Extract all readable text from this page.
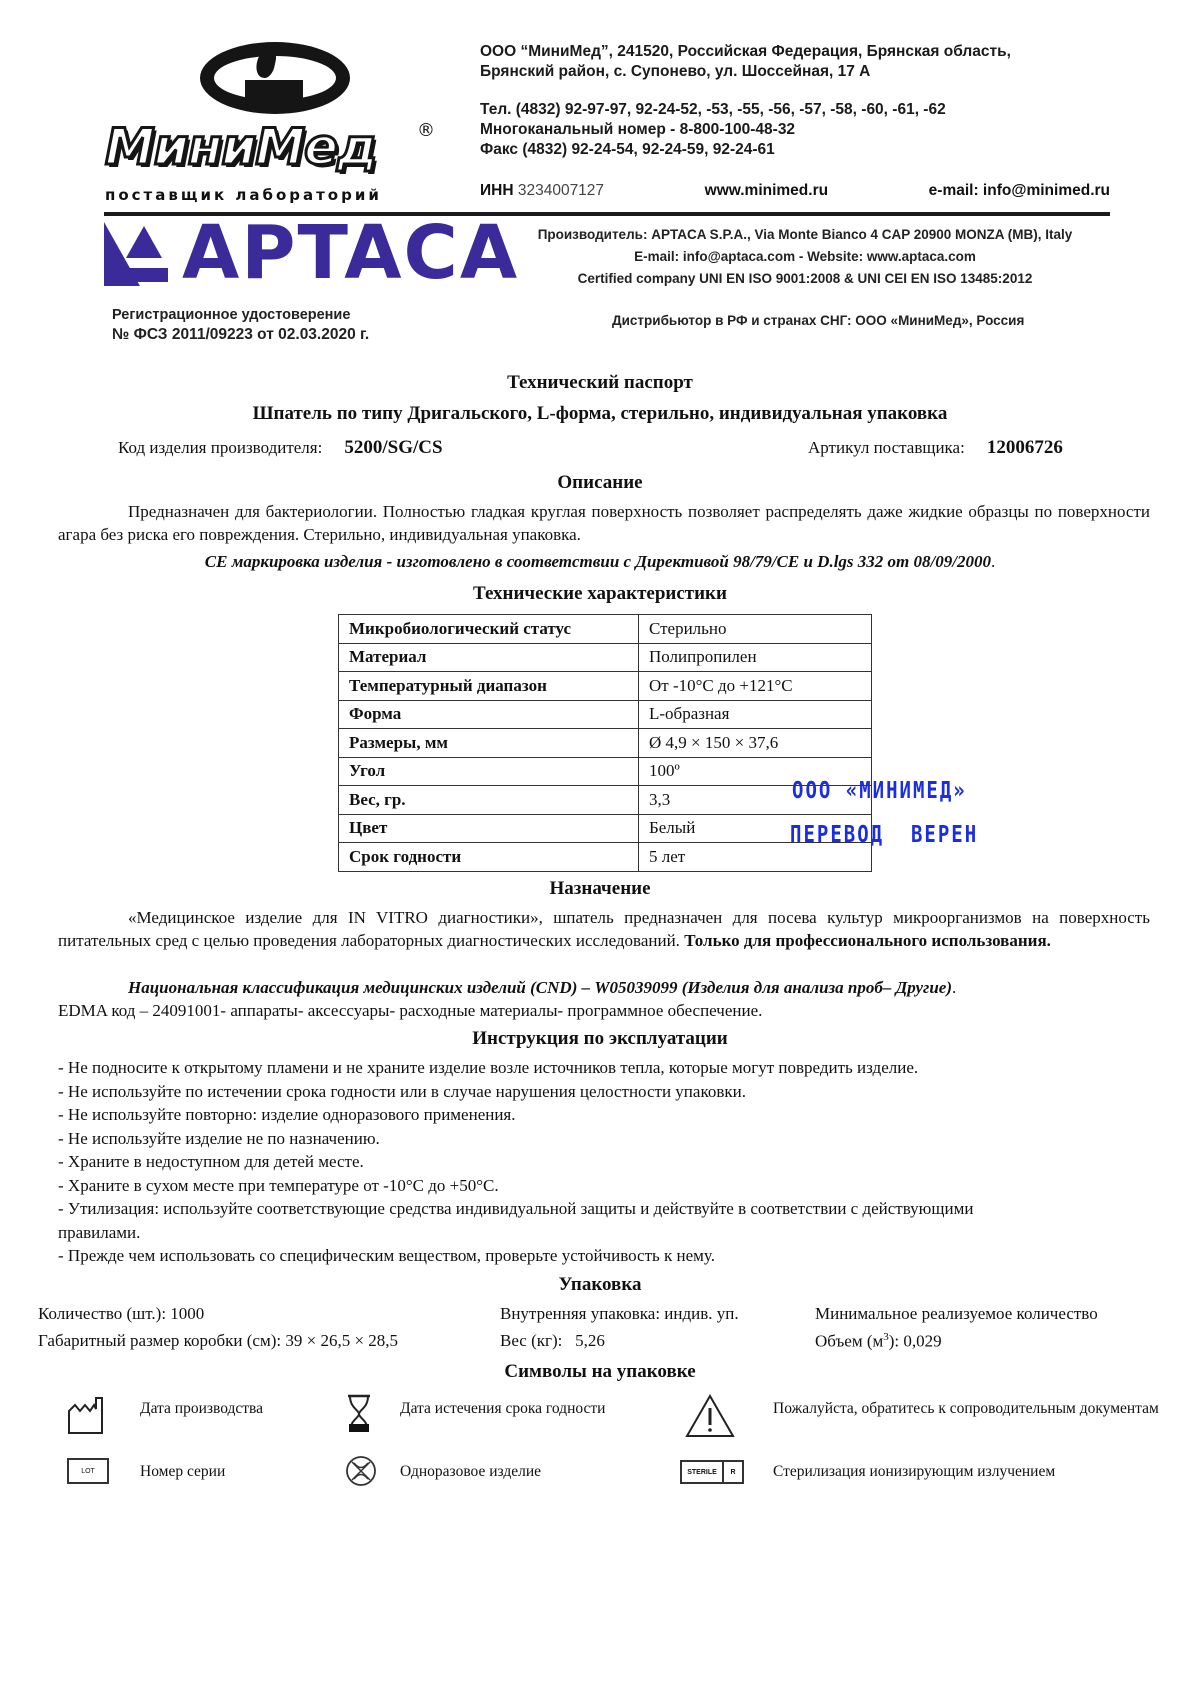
МиниМед ®
поставщик лабораторий
ООО “МиниМед”, 241520, Российская Федерация, Брянская область,
Брянский район, с. Супонево, ул. Шоссейная, 17 А
Тел. (4832) 92-97-97, 92-24-52, -53, -55, -56, -57, -58, -60, -61, -62
Многоканальный номер - 8-800-100-48-32
Факс (4832) 92-24-54, 92-24-59, 92-24-61
ИНН 3234007127	www.minimed.ru	e-mail: info@minimed.ru
APTACA	Производитель: APTACA S.P.A., Via Monte Bianco 4 CAP 20900 MONZA (MB), Italy
E-mail: info@aptaca.com - Website: www.aptaca.com
Certified company UNI EN ISO 9001:2008 & UNI CEI EN ISO 13485:2012
Регистрационное удостоверение
№ ФСЗ 2011/09223 от 02.03.2020 г.
Дистрибьютор в РФ и странах СНГ: ООО «МиниМед», Россия
Технический паспорт
Шпатель по типу Дригальского, L-форма, стерильно, индивидуальная упаковка
Код изделия производителя: 5200/SG/CS	Артикул поставщика: 12006726
Описание
Предназначен для бактериологии. Полностью гладкая круглая поверхность позволяет распределять даже жидкие образцы по поверхности агара без риска его повреждения. Стерильно, индивидуальная упаковка.
CE маркировка изделия - изготовлено в соответствии с Директивой 98/79/CE и D.lgs 332 от 08/09/2000.
Технические характеристики
Микробиологический статус	Стерильно
Материал	Полипропилен
Температурный диапазон	От -10°C до +121°C
Форма	L-образная
Размеры, мм	Ø 4,9 × 150 × 37,6
Угол	100º
Вес, гр.	3,3
Цвет	Белый
Срок годности	5 лет
ООО «МИНИМЕД»
ПЕРЕВОД  ВЕРЕН
Назначение
«Медицинское изделие для IN VITRO диагностики», шпатель предназначен для посева культур микроорганизмов на поверхность питательных сред с целью проведения лабораторных диагностических исследований. Только для профессионального использования.
Национальная классификация медицинских изделий (CND) – W05039099 (Изделия для анализа проб– Другие).
EDMA код – 24091001- аппараты- аксессуары- расходные материалы- программное обеспечение.
Инструкция по эксплуатации
- Не подносите к открытому пламени и не храните изделие возле источников тепла, которые могут повредить изделие.
- Не используйте по истечении срока годности или в случае нарушения целостности упаковки.
- Не используйте повторно: изделие одноразового применения.
- Не используйте изделие не по назначению.
- Храните в недоступном для детей месте.
- Храните в сухом месте при температуре от -10°C до +50°C.
- Утилизация: используйте соответствующие средства индивидуальной защиты и действуйте в соответствии с действующими правилами.
- Прежде чем использовать со специфическим веществом, проверьте устойчивость к нему.
Упаковка
Количество (шт.): 1000	Внутренняя упаковка: индив. уп.	Минимальное реализуемое количество
Габаритный размер коробки (см): 39 × 26,5 × 28,5	Вес (кг): 5,26	Объем $(м^3)$: 0,029
Символы на упаковке
Дата производства	Дата истечения срока годности	Пожалуйста, обратитесь к сопроводительным документам
LOT	Номер серии	Одноразовое изделие	STERILE	R	Стерилизация ионизирующим излучением
